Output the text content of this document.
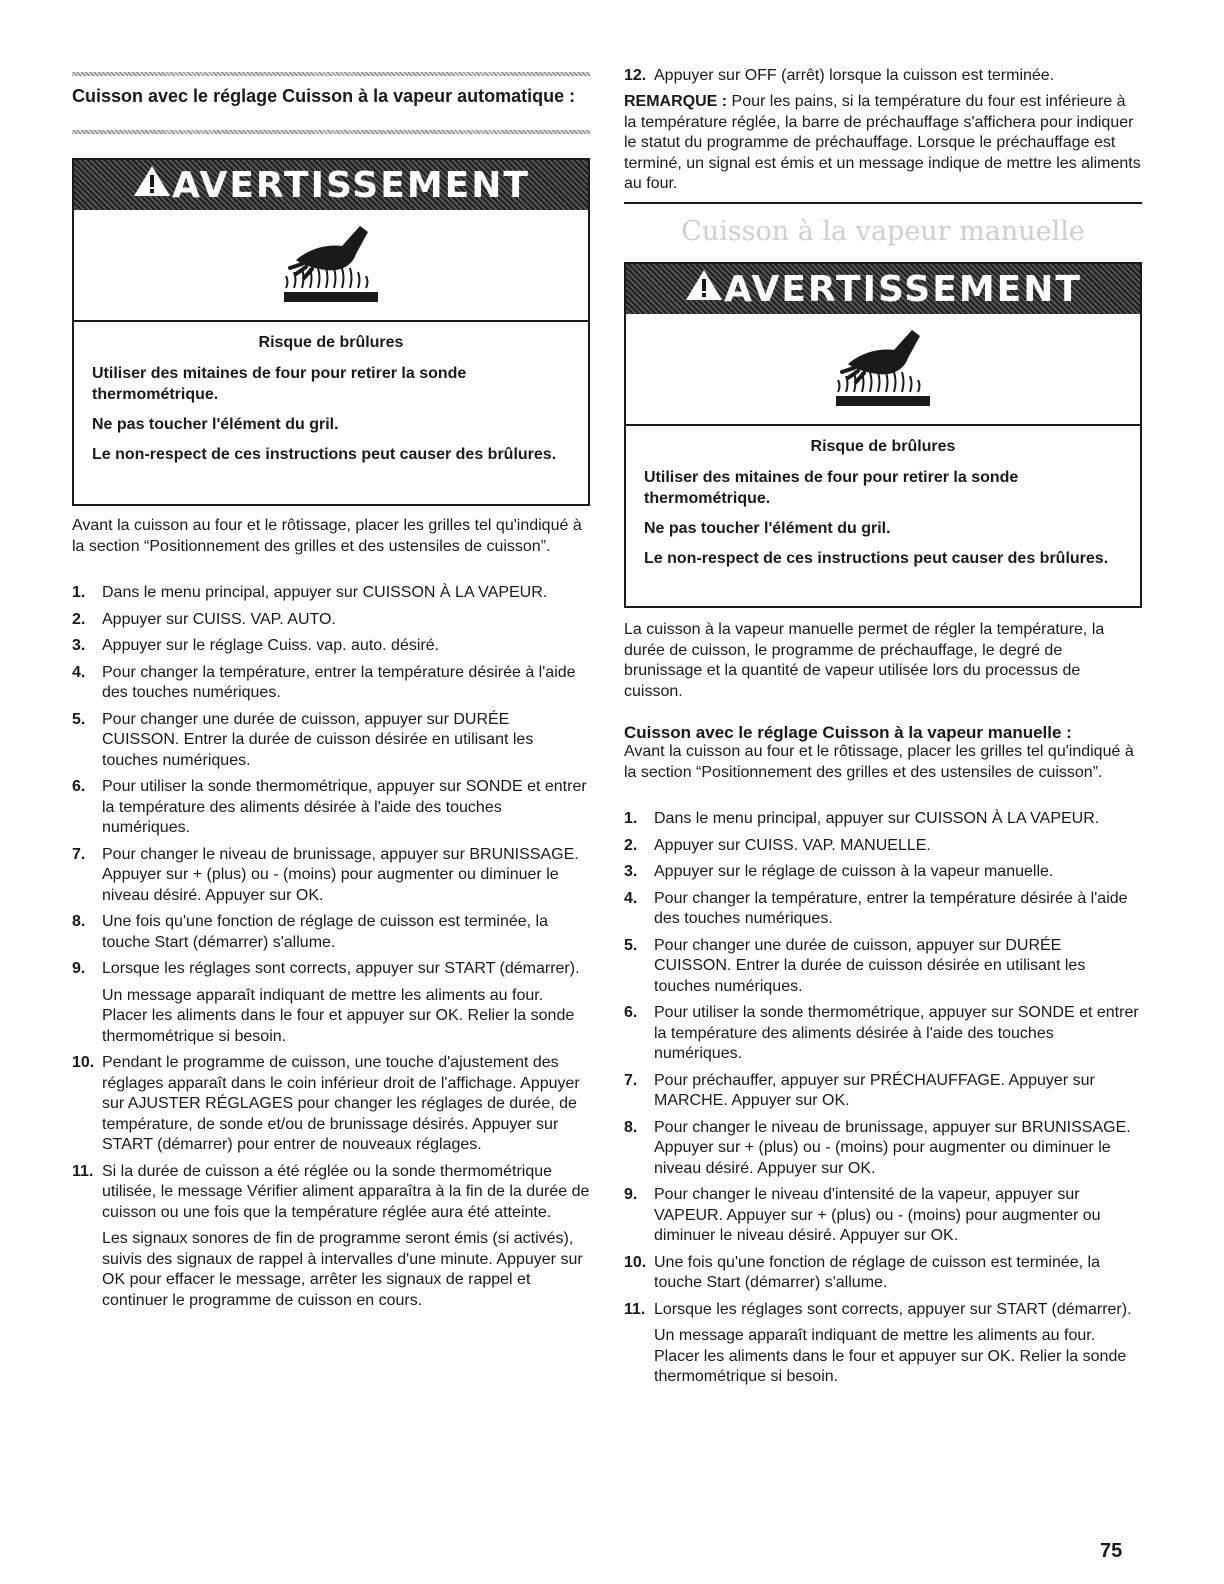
Cuisson avec le réglage Cuisson à la vapeur automatique :
AVERTISSEMENT
Risque de brûlures

Utiliser des mitaines de four pour retirer la sonde thermométrique.

Ne pas toucher l'élément du gril.

Le non-respect de ces instructions peut causer des brûlures.

Avant la cuisson au four et le rôtissage, placer les grilles tel qu'indiqué à la section “Positionnement des grilles et des ustensiles de cuisson”.

1. Dans le menu principal, appuyer sur CUISSON À LA VAPEUR.
2. Appuyer sur CUISS. VAP. AUTO.
3. Appuyer sur le réglage Cuiss. vap. auto. désiré.
4. Pour changer la température, entrer la température désirée à l'aide des touches numériques.
5. Pour changer une durée de cuisson, appuyer sur DURÉE CUISSON. Entrer la durée de cuisson désirée en utilisant les touches numériques.
6. Pour utiliser la sonde thermométrique, appuyer sur SONDE et entrer la température des aliments désirée à l'aide des touches numériques.
7. Pour changer le niveau de brunissage, appuyer sur BRUNISSAGE. Appuyer sur + (plus) ou - (moins) pour augmenter ou diminuer le niveau désiré. Appuyer sur OK.
8. Une fois qu'une fonction de réglage de cuisson est terminée, la touche Start (démarrer) s'allume.
9. Lorsque les réglages sont corrects, appuyer sur START (démarrer).
Un message apparaît indiquant de mettre les aliments au four. Placer les aliments dans le four et appuyer sur OK. Relier la sonde thermométrique si besoin.
10. Pendant le programme de cuisson, une touche d'ajustement des réglages apparaît dans le coin inférieur droit de l'affichage. Appuyer sur AJUSTER RÉGLAGES pour changer les réglages de durée, de température, de sonde et/ou de brunissage désirés. Appuyer sur START (démarrer) pour entrer de nouveaux réglages.
11. Si la durée de cuisson a été réglée ou la sonde thermométrique utilisée, le message Vérifier aliment apparaîtra à la fin de la durée de cuisson ou une fois que la température réglée aura été atteinte.
Les signaux sonores de fin de programme seront émis (si activés), suivis des signaux de rappel à intervalles d'une minute. Appuyer sur OK pour effacer le message, arrêter les signaux de rappel et continuer le programme de cuisson en cours.
12. Appuyer sur OFF (arrêt) lorsque la cuisson est terminée.

REMARQUE : Pour les pains, si la température du four est inférieure à la température réglée, la barre de préchauffage s'affichera pour indiquer le statut du programme de préchauffage. Lorsque le préchauffage est terminé, un signal est émis et un message indique de mettre les aliments au four.

Cuisson à la vapeur manuelle
AVERTISSEMENT
Risque de brûlures

Utiliser des mitaines de four pour retirer la sonde thermométrique.

Ne pas toucher l'élément du gril.

Le non-respect de ces instructions peut causer des brûlures.

La cuisson à la vapeur manuelle permet de régler la température, la durée de cuisson, le programme de préchauffage, le degré de brunissage et la quantité de vapeur utilisée lors du processus de cuisson.

Cuisson avec le réglage Cuisson à la vapeur manuelle :

Avant la cuisson au four et le rôtissage, placer les grilles tel qu'indiqué à la section “Positionnement des grilles et des ustensiles de cuisson”.

1. Dans le menu principal, appuyer sur CUISSON À LA VAPEUR.
2. Appuyer sur CUISS. VAP. MANUELLE.
3. Appuyer sur le réglage de cuisson à la vapeur manuelle.
4. Pour changer la température, entrer la température désirée à l'aide des touches numériques.
5. Pour changer une durée de cuisson, appuyer sur DURÉE CUISSON. Entrer la durée de cuisson désirée en utilisant les touches numériques.
6. Pour utiliser la sonde thermométrique, appuyer sur SONDE et entrer la température des aliments désirée à l'aide des touches numériques.
7. Pour préchauffer, appuyer sur PRÉCHAUFFAGE. Appuyer sur MARCHE. Appuyer sur OK.
8. Pour changer le niveau de brunissage, appuyer sur BRUNISSAGE. Appuyer sur + (plus) ou - (moins) pour augmenter ou diminuer le niveau désiré. Appuyer sur OK.
9. Pour changer le niveau d'intensité de la vapeur, appuyer sur VAPEUR. Appuyer sur + (plus) ou - (moins) pour augmenter ou diminuer le niveau désiré. Appuyer sur OK.
10. Une fois qu'une fonction de réglage de cuisson est terminée, la touche Start (démarrer) s'allume.
11. Lorsque les réglages sont corrects, appuyer sur START (démarrer).
Un message apparaît indiquant de mettre les aliments au four. Placer les aliments dans le four et appuyer sur OK. Relier la sonde thermométrique si besoin.
75
